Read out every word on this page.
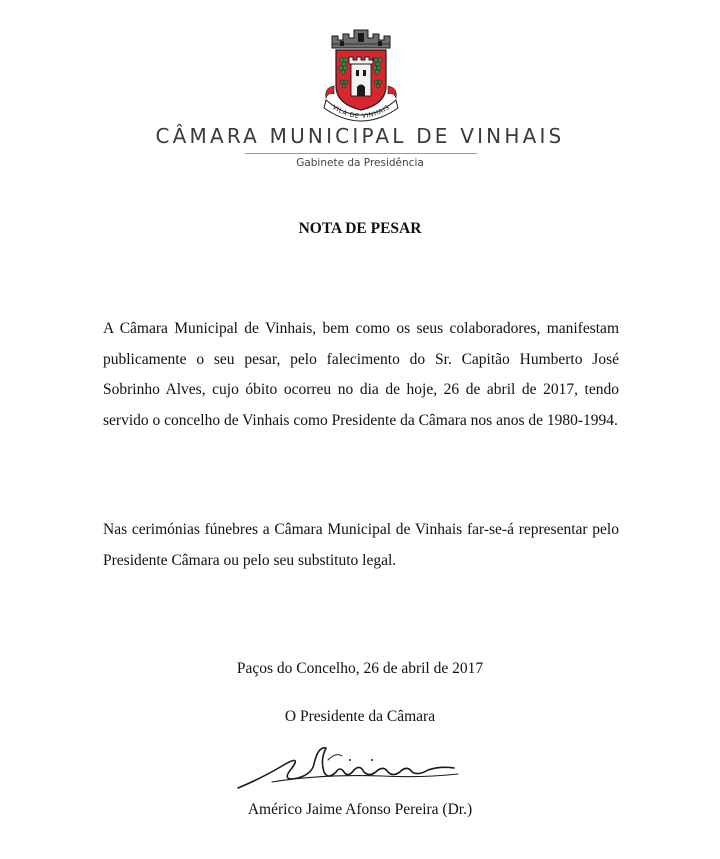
VILA DE VINHAIS
CÂMARA MUNICIPAL DE VINHAIS
Gabinete da Presidência
NOTA DE PESAR

A Câmara Municipal de Vinhais, bem como os seus colaboradores, manifestam publicamente o seu pesar, pelo falecimento do Sr. Capitão Humberto José Sobrinho Alves, cujo óbito ocorreu no dia de hoje, 26 de abril de 2017, tendo servido o concelho de Vinhais como Presidente da Câmara nos anos de 1980-1994.

Nas cerimónias fúnebres a Câmara Municipal de Vinhais far-se-á representar pelo Presidente Câmara ou pelo seu substituto legal.

Paços do Concelho, 26 de abril de 2017
O Presidente da Câmara
Américo Jaime Afonso Pereira (Dr.)
